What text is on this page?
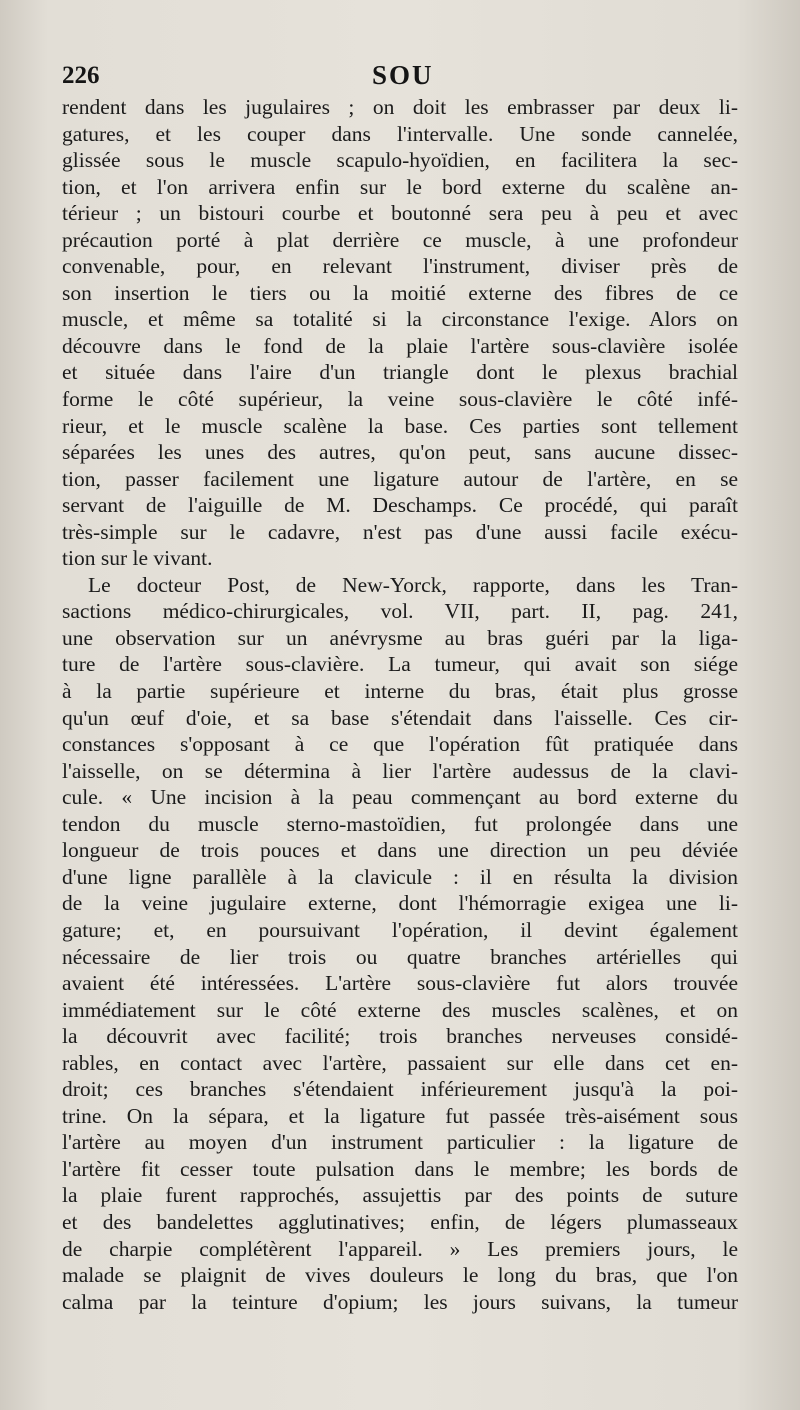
226	SOU
rendent dans les jugulaires ; on doit les embrasser par deux li-
gatures, et les couper dans l'intervalle. Une sonde cannelée,
glissée sous le muscle scapulo-hyoïdien, en facilitera la sec-
tion, et l'on arrivera enfin sur le bord externe du scalène an-
térieur ; un bistouri courbe et boutonné sera peu à peu et avec
précaution porté à plat derrière ce muscle, à une profondeur
convenable, pour, en relevant l'instrument, diviser près de
son insertion le tiers ou la moitié externe des fibres de ce
muscle, et même sa totalité si la circonstance l'exige. Alors on
découvre dans le fond de la plaie l'artère sous-clavière isolée
et située dans l'aire d'un triangle dont le plexus brachial
forme le côté supérieur, la veine sous-clavière le côté infé-
rieur, et le muscle scalène la base. Ces parties sont tellement
séparées les unes des autres, qu'on peut, sans aucune dissec-
tion, passer facilement une ligature autour de l'artère, en se
servant de l'aiguille de M. Deschamps. Ce procédé, qui paraît
très-simple sur le cadavre, n'est pas d'une aussi facile exécu-
tion sur le vivant.
Le docteur Post, de New-Yorck, rapporte, dans les Tran-
sactions médico-chirurgicales, vol. VII, part. II, pag. 241,
une observation sur un anévrysme au bras guéri par la liga-
ture de l'artère sous-clavière. La tumeur, qui avait son siége
à la partie supérieure et interne du bras, était plus grosse
qu'un œuf d'oie, et sa base s'étendait dans l'aisselle. Ces cir-
constances s'opposant à ce que l'opération fût pratiquée dans
l'aisselle, on se détermina à lier l'artère audessus de la clavi-
cule. « Une incision à la peau commençant au bord externe du
tendon du muscle sterno-mastoïdien, fut prolongée dans une
longueur de trois pouces et dans une direction un peu déviée
d'une ligne parallèle à la clavicule : il en résulta la division
de la veine jugulaire externe, dont l'hémorragie exigea une li-
gature; et, en poursuivant l'opération, il devint également
nécessaire de lier trois ou quatre branches artérielles qui
avaient été intéressées. L'artère sous-clavière fut alors trouvée
immédiatement sur le côté externe des muscles scalènes, et on
la découvrit avec facilité; trois branches nerveuses considé-
rables, en contact avec l'artère, passaient sur elle dans cet en-
droit; ces branches s'étendaient inférieurement jusqu'à la poi-
trine. On la sépara, et la ligature fut passée très-aisément sous
l'artère au moyen d'un instrument particulier : la ligature de
l'artère fit cesser toute pulsation dans le membre; les bords de
la plaie furent rapprochés, assujettis par des points de suture
et des bandelettes agglutinatives; enfin, de légers plumasseaux
de charpie complétèrent l'appareil. » Les premiers jours, le
malade se plaignit de vives douleurs le long du bras, que l'on
calma par la teinture d'opium; les jours suivans, la tumeur
